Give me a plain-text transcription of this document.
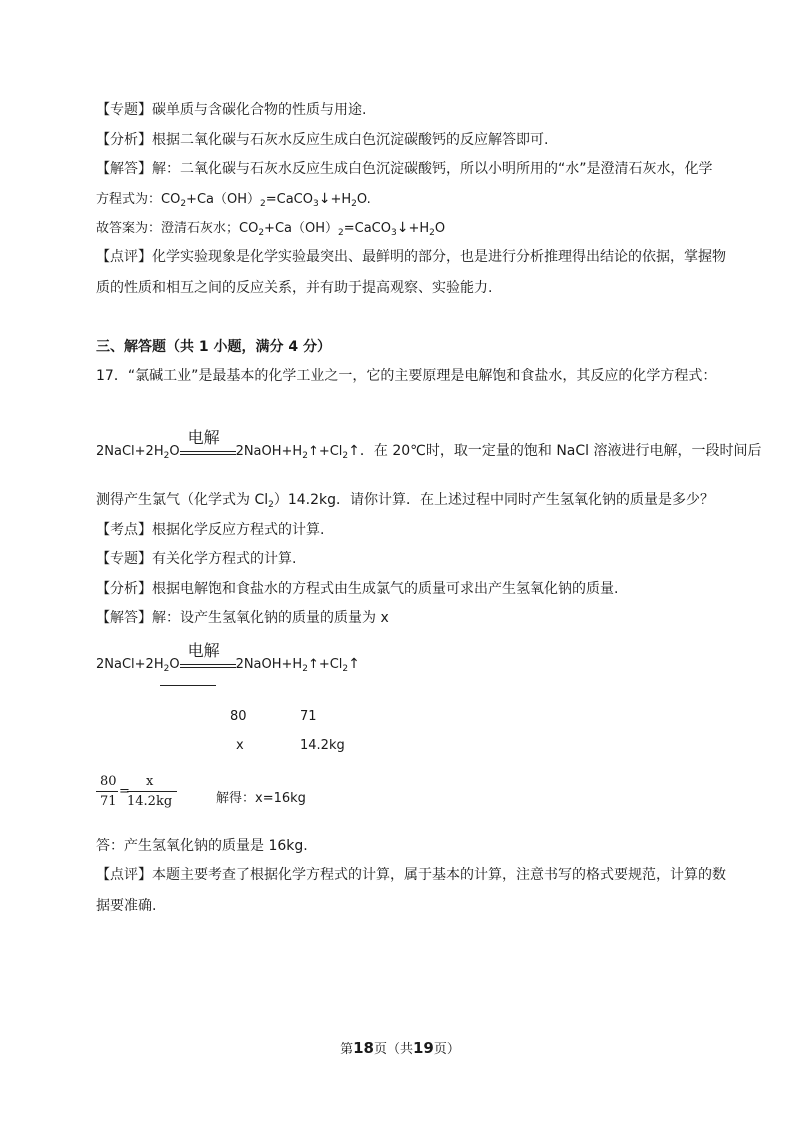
【专题】碳单质与含碳化合物的性质与用途.
【分析】根据二氧化碳与石灰水反应生成白色沉淀碳酸钙的反应解答即可.
【解答】解：二氧化碳与石灰水反应生成白色沉淀碳酸钙，所以小明所用的“水”是澄清石灰水，化学
方程式为：$CO_2+Ca(OH)_2=CaCO_3↓+H_2O$.
故答案为：澄清石灰水；$CO_2+Ca(OH)_2=CaCO_3↓+H_2O$
【点评】化学实验现象是化学实验最突出、最鲜明的部分，也是进行分析推理得出结论的依据，掌握物
质的性质和相互之间的反应关系，并有助于提高观察、实验能力.
三、解答题（共 1 小题，满分 4 分）
17．“氯碱工业”是最基本的化学工业之一，它的主要原理是电解饱和食盐水，其反应的化学方程式：
$2NaCl+2H_2O$
电解
$2NaOH+H_2↑+Cl_2↑$．在 20℃时，取一定量的饱和 NaCl 溶液进行电解，一段时间后
测得产生氯气（化学式为 $Cl_2)14.2kg$．请你计算．在上述过程中同时产生氢氧化钠的质量是多少？
【考点】根据化学反应方程式的计算.
【专题】有关化学方程式的计算.
【分析】根据电解饱和食盐水的方程式由生成氯气的质量可求出产生氢氧化钠的质量.
【解答】解：设产生氢氧化钠的质量的质量为 x
$2NaCl+2H_2O$
电解
$2NaOH+H_2↑+Cl_2↑$
80	71
x	14.2kg
80
71
=
x
14.2kg	解得：x=16kg
答：产生氢氧化钠的质量是 16kg.
【点评】本题主要考查了根据化学方程式的计算，属于基本的计算，注意书写的格式要规范，计算的数
据要准确.
第18页（共19页）
